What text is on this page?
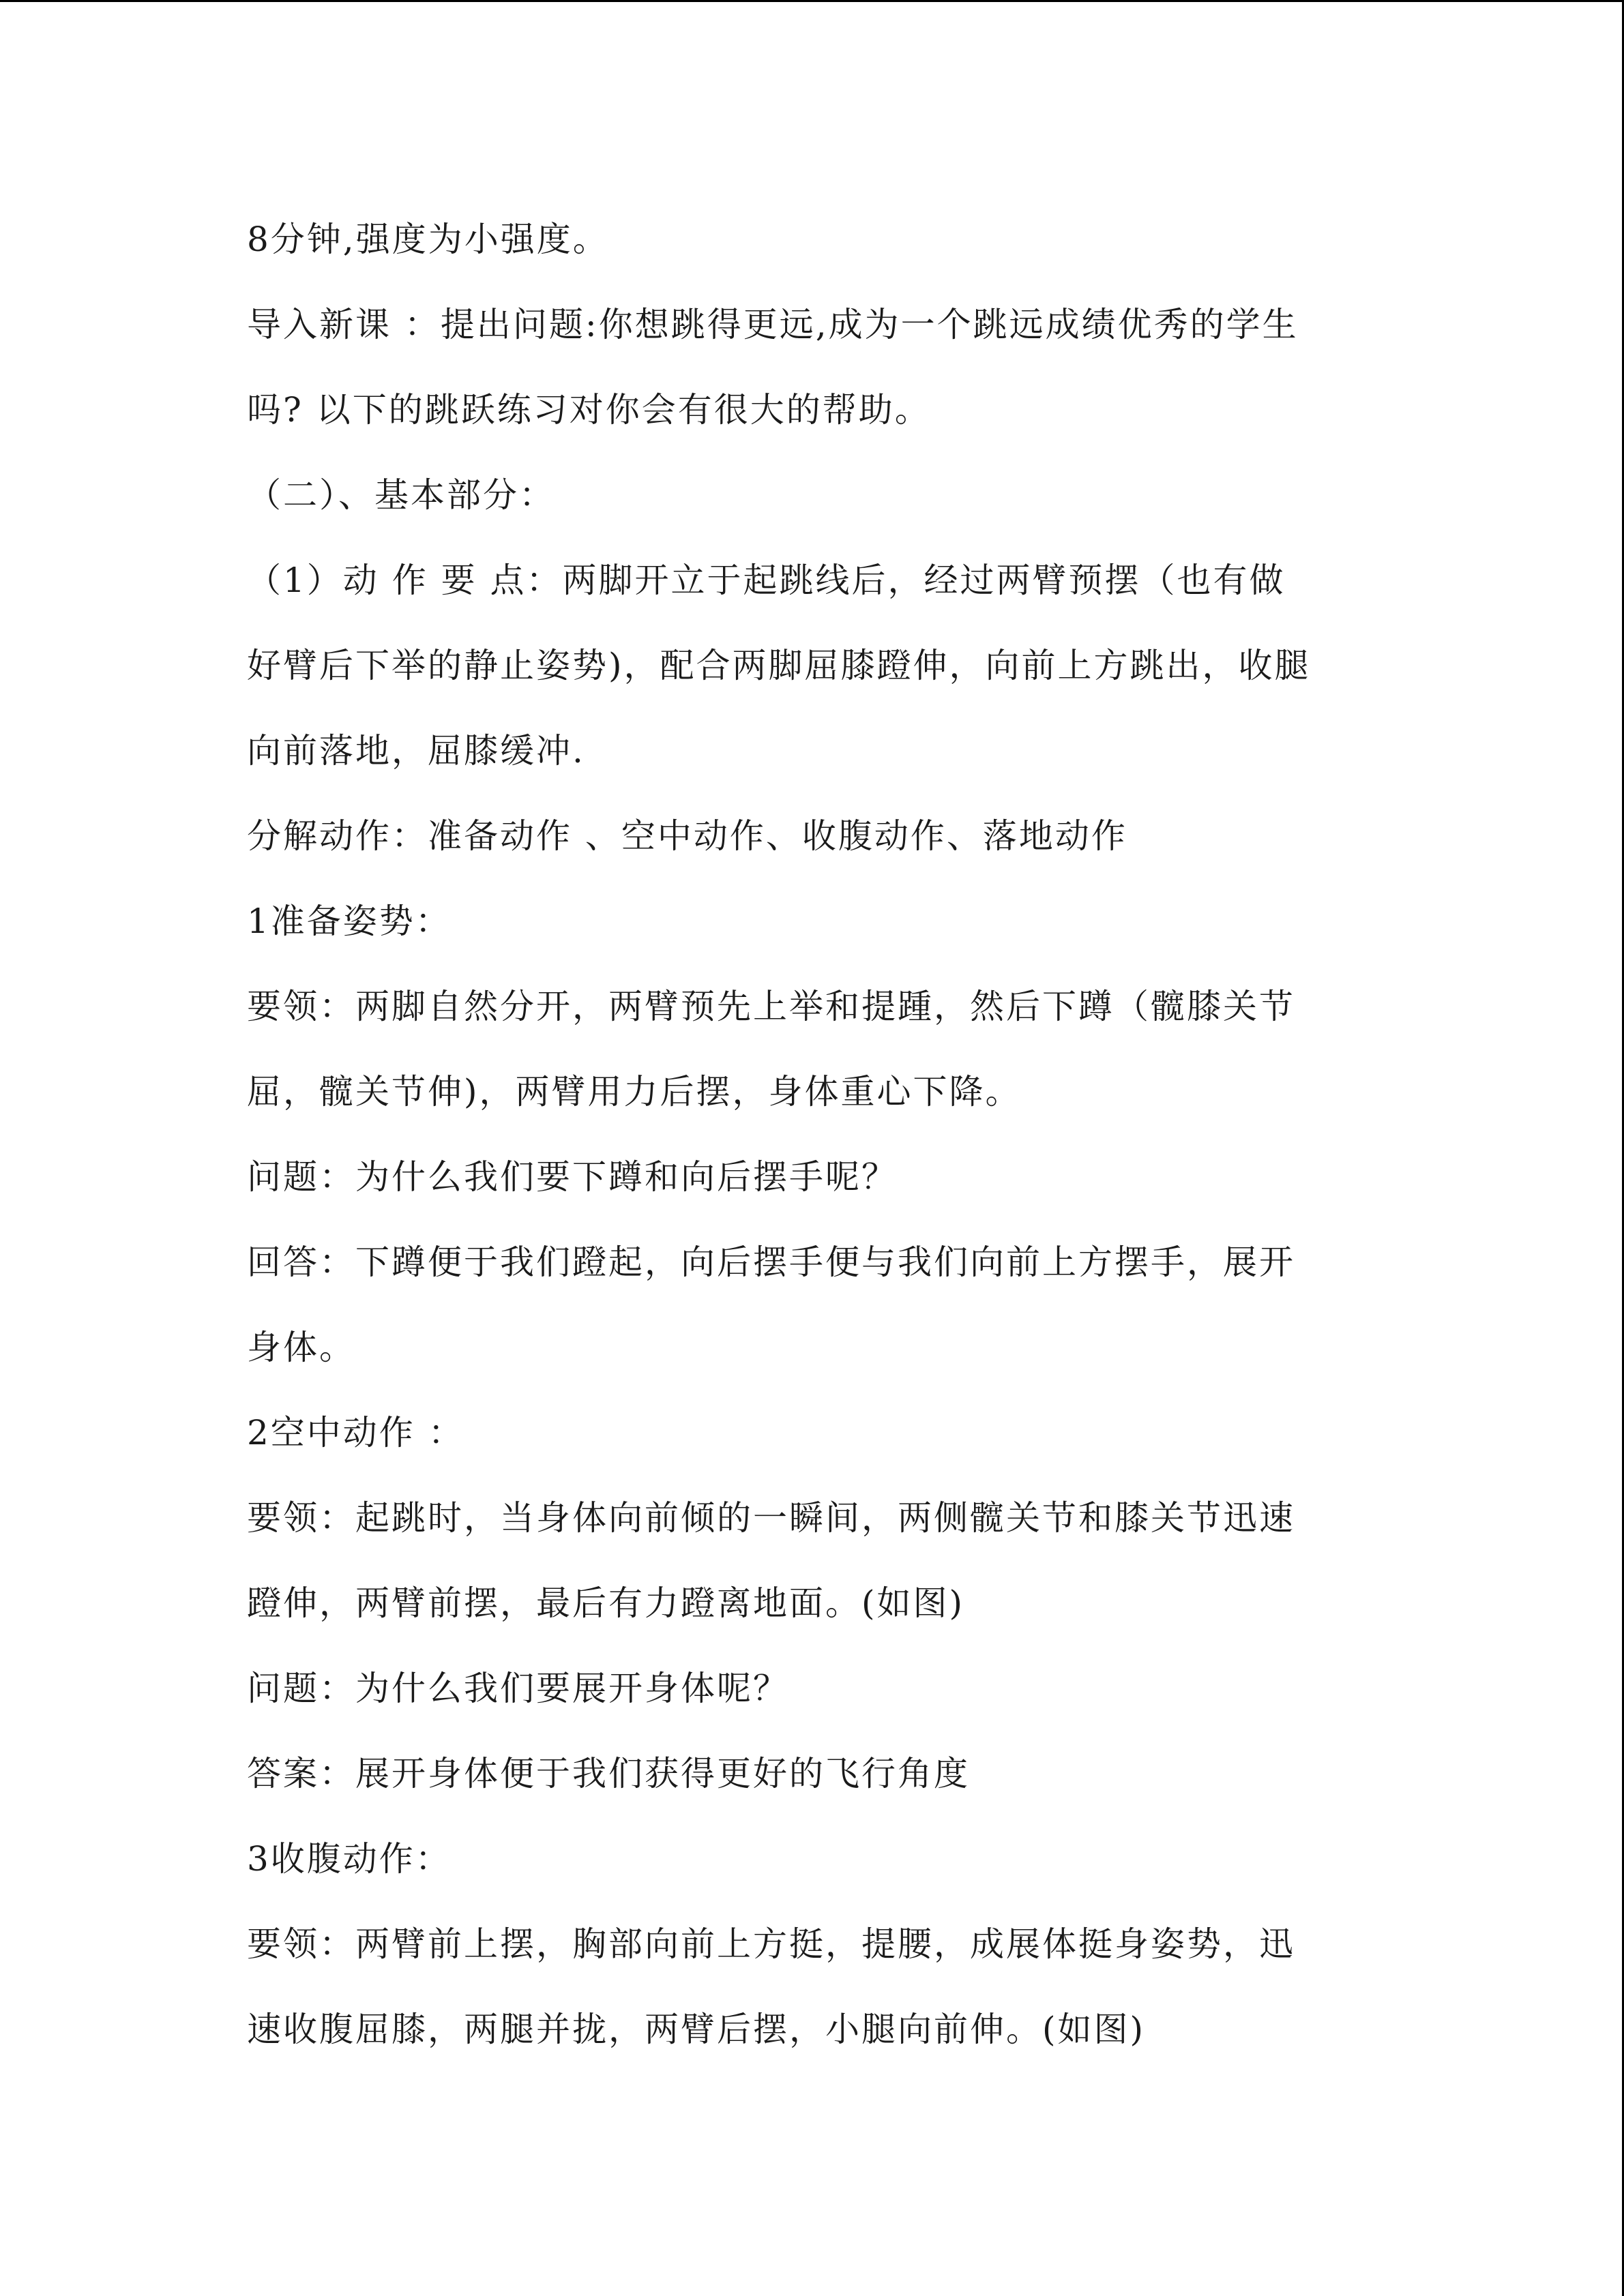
8分钟,强度为小强度。
导入新课 ：提出问题:你想跳得更远,成为一个跳远成绩优秀的学生
吗? 以下的跳跃练习对你会有很大的帮助。
（二）、基本部分：
（1）动 作 要 点：两脚开立于起跳线后，经过两臂预摆（也有做
好臂后下举的静止姿势)，配合两脚屈膝蹬伸，向前上方跳出，收腿
向前落地，屈膝缓冲.
分解动作：准备动作 、空中动作、收腹动作、落地动作
1准备姿势：
要领：两脚自然分开，两臂预先上举和提踵，然后下蹲（髋膝关节
屈，髋关节伸)，两臂用力后摆，身体重心下降。
问题：为什么我们要下蹲和向后摆手呢？
回答：下蹲便于我们蹬起，向后摆手便与我们向前上方摆手，展开
身体。
2空中动作 ：
要领：起跳时，当身体向前倾的一瞬间，两侧髋关节和膝关节迅速
蹬伸，两臂前摆，最后有力蹬离地面。(如图)
问题：为什么我们要展开身体呢？
答案：展开身体便于我们获得更好的飞行角度
3收腹动作：
要领：两臂前上摆，胸部向前上方挺，提腰，成展体挺身姿势，迅
速收腹屈膝，两腿并拢，两臂后摆，小腿向前伸。(如图)
